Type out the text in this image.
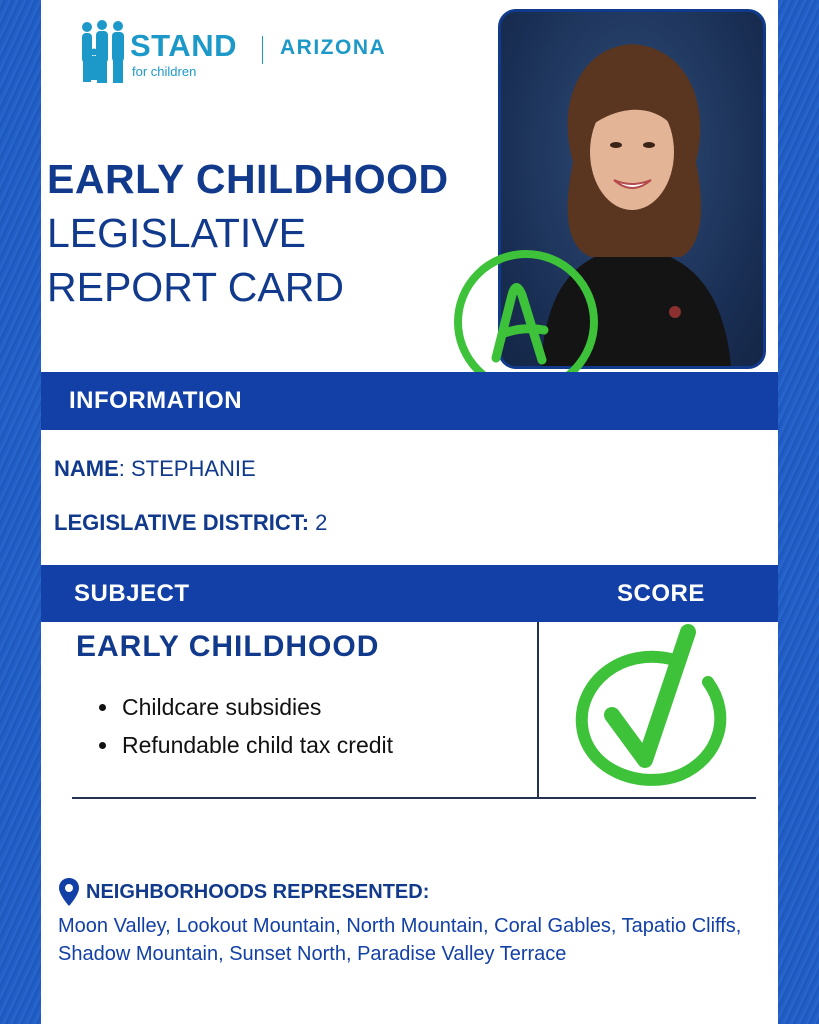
STAND
for children
ARIZONA
EARLY CHILDHOOD
LEGISLATIVE
REPORT CARD
INFORMATION
NAME: STEPHANIE
LEGISLATIVE DISTRICT: 2
SUBJECT	SCORE
EARLY CHILDHOOD
• Childcare subsidies
• Refundable child tax credit
NEIGHBORHOODS REPRESENTED:
Moon Valley, Lookout Mountain, North Mountain, Coral Gables, Tapatio Cliffs, Shadow Mountain, Sunset North, Paradise Valley Terrace
